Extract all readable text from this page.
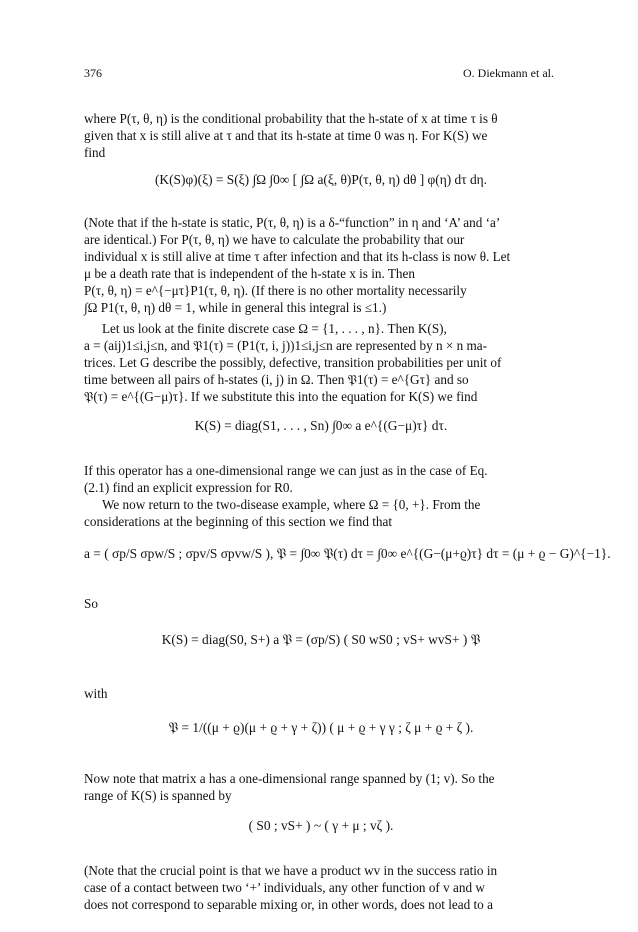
376	O. Diekmann et al.

where P(τ, θ, η) is the conditional probability that the h-state of x at time τ is θ

given that x is still alive at τ and that its h-state at time 0 was η. For K(S) we

find

(K(S)φ)(ξ) = S(ξ) ∫Ω ∫0∞ [ ∫Ω a(ξ, θ)P(τ, θ, η) dθ ] φ(η) dτ dη.

(Note that if the h-state is static, P(τ, θ, η) is a δ-“function” in η and ‘A’ and ‘a’

are identical.) For P(τ, θ, η) we have to calculate the probability that our

individual x is still alive at time τ after infection and that its h-class is now θ. Let

μ be a death rate that is independent of the h-state x is in. Then

P(τ, θ, η) = e^{−μτ}P1(τ, θ, η). (If there is no other mortality necessarily

∫Ω P1(τ, θ, η) dθ = 1, while in general this integral is ≤1.)

Let us look at the finite discrete case Ω = {1, . . . , n}. Then K(S),

a = (aij)1≤i,j≤n, and 𝔓1(τ) = (P1(τ, i, j))1≤i,j≤n are represented by n × n ma-

trices. Let G describe the possibly, defective, transition probabilities per unit of

time between all pairs of h-states (i, j) in Ω. Then 𝔓1(τ) = e^{Gτ} and so

𝔓(τ) = e^{(G−μ)τ}. If we substitute this into the equation for K(S) we find

K(S) = diag(S1, . . . , Sn) ∫0∞ a e^{(G−μ)τ} dτ.

If this operator has a one-dimensional range we can just as in the case of Eq.

(2.1) find an explicit expression for R0.

We now return to the two-disease example, where Ω = {0, +}. From the

considerations at the beginning of this section we find that

a = ( σp/S σpw/S ; σpv/S σpvw/S ), 𝔓 = ∫0∞ 𝔓(τ) dτ = ∫0∞ e^{(G−(μ+ϱ)τ} dτ = (μ + ϱ − G)^{−1}.
So
K(S) = diag(S0, S+) a 𝔓 = (σp/S) ( S0 wS0 ; vS+ wvS+ ) 𝔓
with
𝔓 = 1/((μ + ϱ)(μ + ϱ + γ + ζ)) ( μ + ϱ + γ γ ; ζ μ + ϱ + ζ ).

Now note that matrix a has a one-dimensional range spanned by (1; v). So the

range of K(S) is spanned by

( S0 ; vS+ ) ~ ( γ + μ ; vζ ).

(Note that the crucial point is that we have a product wv in the success ratio in

case of a contact between two ‘+’ individuals, any other function of v and w

does not correspond to separable mixing or, in other words, does not lead to a
